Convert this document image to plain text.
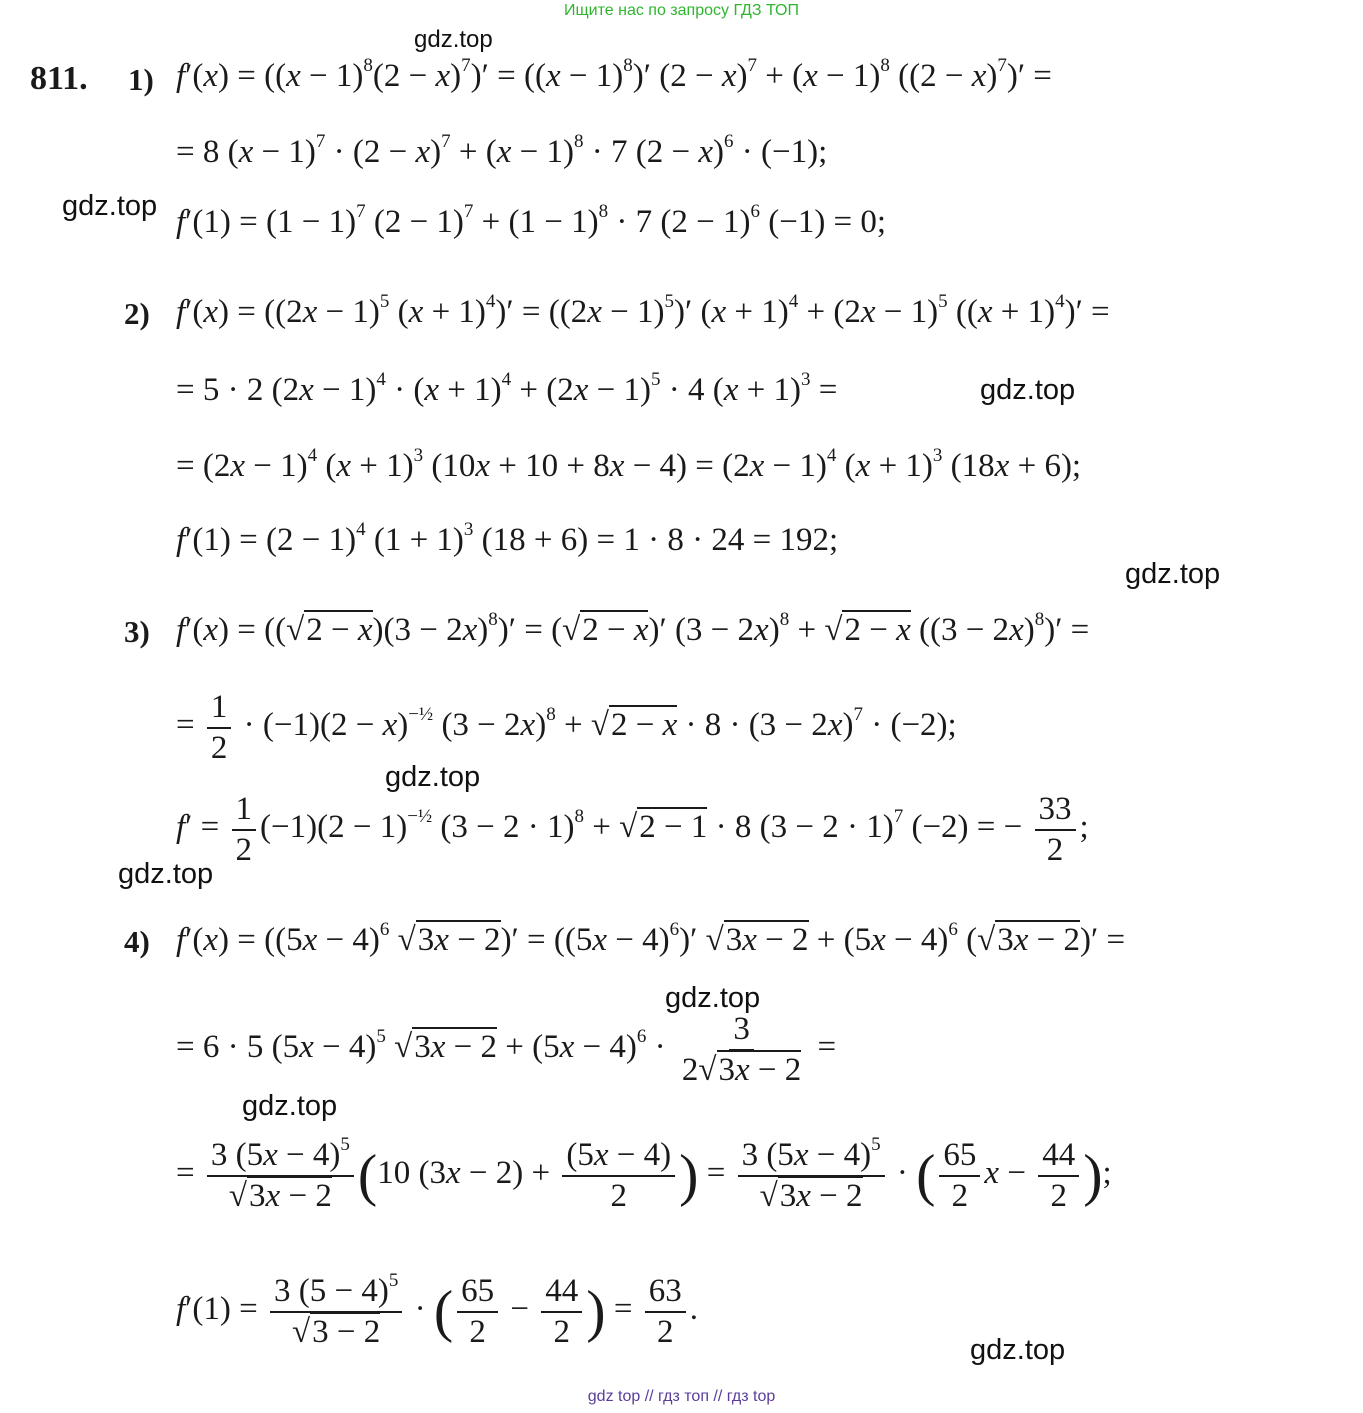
Ищите нас по запросу ГДЗ ТОП
gdz.top
gdz.top
gdz.top
gdz.top
gdz.top
gdz.top
gdz.top
gdz.top
gdz.top
811. 1)
2)
3)
4)
$f'(x) = ((x - 1)^8(2 - x)^7)' = ((x - 1)^8)'$ $(2 - x)^7 + (x - 1)^8$ $((2 - x)^7)'$ =
= 8 $(x - 1)^7 \cdot (2 - x)^7 + (x - 1)^8 \cdot 7$ $(2 - x)^6 \cdot (-1)$;
$f'(1) = (1 - 1)^7$ $(2 - 1)^7 + (1 - 1)^8 \cdot 7$ $(2 - 1)^6$ (−1) = 0;
$f'(x) = ((2x - 1)^5$ $(x + 1)^4)' = ((2x - 1)^5)'$ $(x + 1)^4 + (2x - 1)^5$ $((x + 1)^4)'$ =
= 5 · 2 $(2x - 1)^4 \cdot (x + 1)^4 + (2x - 1)^5 \cdot 4$ $(x + 1)^3$ =
= $(2x - 1)^4$ $(x + 1)^3$ $(10x + 10 + 8x - 4) = (2x - 1)^4$ $(x + 1)^3$ (18x + 6);
$f'(1) = (2 - 1)^4$ $(1 + 1)^3$ (18 + 6) = 1 · 8 · 24 = 192;
$f'(x) = ((√2 - x)(3 - 2x)^8)' = (√2 - x)'$ $(3 - 2x)^8 + √2 - x$ $((3 - 2x)^8)'$ =
= $\frac{1}{2} \cdot (-1)(2 - x)^{-\frac{1}{2}}$ $(3 - 2x)^8 + √2 - x \cdot 8 \cdot (3 - 2x)^7 \cdot (-2)$;
$f' = \frac{1}{2} (-1)(2 - 1)^{-\frac{1}{2}}$ $(3 - 2 \cdot 1)^8 + √2 - 1 \cdot 8$ $(3 - 2 \cdot 1)^7$ (−2) = − $\frac{33}{2}$ ;
$f'(x) = ((5x - 4)^6$ $√3x - 2)' = ((5x - 4)^6)'$ $√3x - 2 + (5x - 4)^6$ (√3x − 2)′ =
= 6 · 5 $(5x - 4)^5$ $√3x - 2 + (5x - 4)^6 \cdot \frac{3}{2√3x - 2}$ =
= $\frac{3 (5x - 4)^5}{√3x - 2} (10$ $(3x - 2) + \frac{(5x - 4)}{2}$ ) = $\frac{3 (5x - 4)^5}{√3x - 2}$ · ( $\frac{65}{2}$ $x - \frac{44}{2}$ );
$f'(1) = \frac{3 (5 - 4)^5}{√3 - 2}$ · ( $\frac{65}{2} - \frac{44}{2}$ ) = $\frac{63}{2}$ .
gdz top // гдз топ // гдз top
